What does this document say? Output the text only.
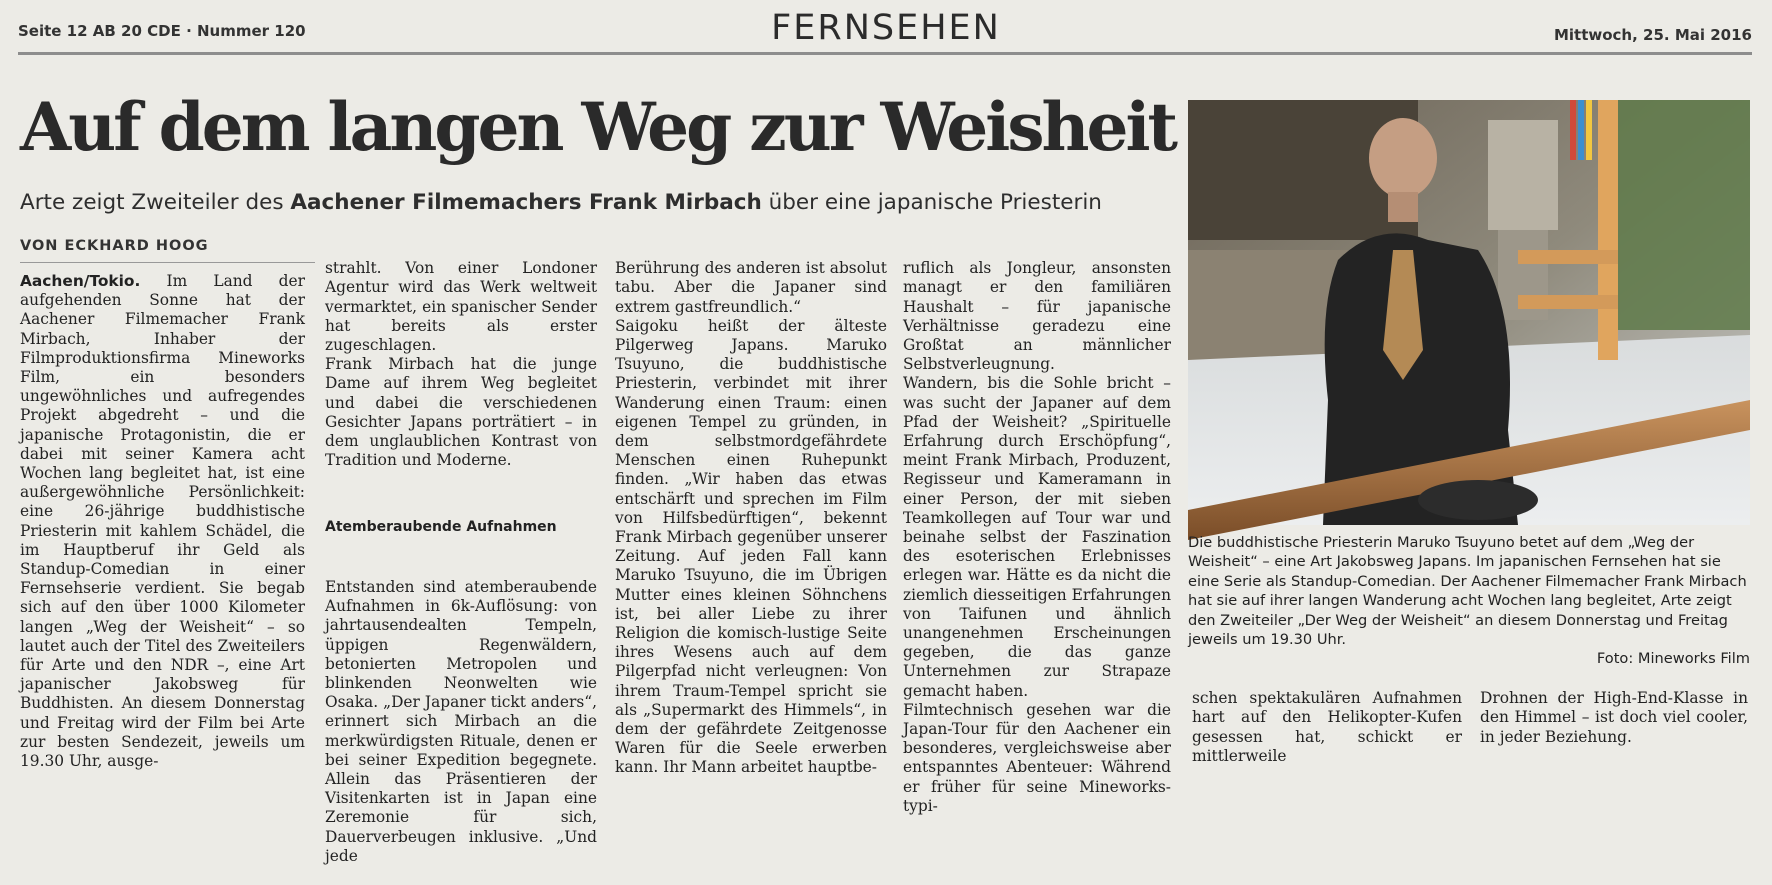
Seite 12 AB 20 CDE · Nummer 120	FERNSEHEN	Mittwoch, 25. Mai 2016
Auf dem langen Weg zur Weisheit
Arte zeigt Zweiteiler des Aachener Filmemachers Frank Mirbach über eine japanische Priesterin
VON ECKHARD HOOG

Aachen/Tokio. Im Land der aufgehenden Sonne hat der Aachener Filmemacher Frank Mirbach, Inhaber der Filmproduktionsfirma Mineworks Film, ein besonders ungewöhnliches und aufregendes Projekt abgedreht – und die japanische Protagonistin, die er dabei mit seiner Kamera acht Wochen lang begleitet hat, ist eine außergewöhnliche Persönlichkeit: eine 26-jährige buddhistische Priesterin mit kahlem Schädel, die im Hauptberuf ihr Geld als Standup-Comedian in einer Fernsehserie verdient. Sie begab sich auf den über 1000 Kilometer langen „Weg der Weisheit“ – so lautet auch der Titel des Zweiteilers für Arte und den NDR –, eine Art japanischer Jakobsweg für Buddhisten. An diesem Donnerstag und Freitag wird der Film bei Arte zur besten Sendezeit, jeweils um 19.30 Uhr, ausge-

strahlt. Von einer Londoner Agentur wird das Werk weltweit vermarktet, ein spanischer Sender hat bereits als erster zugeschlagen.
Frank Mirbach hat die junge Dame auf ihrem Weg begleitet und dabei die verschiedenen Gesichter Japans porträtiert – in dem unglaublichen Kontrast von Tradition und Moderne.

Atemberaubende Aufnahmen

Entstanden sind atemberaubende Aufnahmen in 6k-Auflösung: von jahrtausendealten Tempeln, üppigen Regenwäldern, betonierten Metropolen und blinkenden Neonwelten wie Osaka. „Der Japaner tickt anders“, erinnert sich Mirbach an die merkwürdigsten Rituale, denen er bei seiner Expedition begegnete. Allein das Präsentieren der Visitenkarten ist in Japan eine Zeremonie für sich, Dauerverbeugen inklusive. „Und jede

Berührung des anderen ist absolut tabu. Aber die Japaner sind extrem gastfreundlich.“
Saigoku heißt der älteste Pilgerweg Japans. Maruko Tsuyuno, die buddhistische Priesterin, verbindet mit ihrer Wanderung einen Traum: einen eigenen Tempel zu gründen, in dem selbstmordgefährdete Menschen einen Ruhepunkt finden. „Wir haben das etwas entschärft und sprechen im Film von Hilfsbedürftigen“, bekennt Frank Mirbach gegenüber unserer Zeitung. Auf jeden Fall kann Maruko Tsuyuno, die im Übrigen Mutter eines kleinen Söhnchens ist, bei aller Liebe zu ihrer Religion die komisch-lustige Seite ihres Wesens auch auf dem Pilgerpfad nicht verleugnen: Von ihrem Traum-Tempel spricht sie als „Supermarkt des Himmels“, in dem der gefährdete Zeitgenosse Waren für die Seele erwerben kann. Ihr Mann arbeitet hauptbe-

ruflich als Jongleur, ansonsten managt er den familiären Haushalt – für japanische Verhältnisse geradezu eine Großtat an männlicher Selbstverleugnung.
Wandern, bis die Sohle bricht – was sucht der Japaner auf dem Pfad der Weisheit? „Spirituelle Erfahrung durch Erschöpfung“, meint Frank Mirbach, Produzent, Regisseur und Kameramann in einer Person, der mit sieben Teamkollegen auf Tour war und beinahe selbst der Faszination des esoterischen Erlebnisses erlegen war. Hätte es da nicht die ziemlich diesseitigen Erfahrungen von Taifunen und ähnlich unangenehmen Erscheinungen gegeben, die das ganze Unternehmen zur Strapaze gemacht haben.
Filmtechnisch gesehen war die Japan-Tour für den Aachener ein besonderes, vergleichsweise aber entspanntes Abenteuer: Während er früher für seine Mineworks-typi-

Die buddhistische Priesterin Maruko Tsuyuno betet auf dem „Weg der Weisheit“ – eine Art Jakobsweg Japans. Im japanischen Fernsehen hat sie eine Serie als Standup-Comedian. Der Aachener Filmemacher Frank Mirbach hat sie auf ihrer langen Wanderung acht Wochen lang begleitet, Arte zeigt den Zweiteiler „Der Weg der Weisheit“ an diesem Donnerstag und Freitag jeweils um 19.30 Uhr.
Foto: Mineworks Film

schen spektakulären Aufnahmen hart auf den Helikopter-Kufen gesessen hat, schickt er mittlerweile

Drohnen der High-End-Klasse in den Himmel – ist doch viel cooler, in jeder Beziehung.
